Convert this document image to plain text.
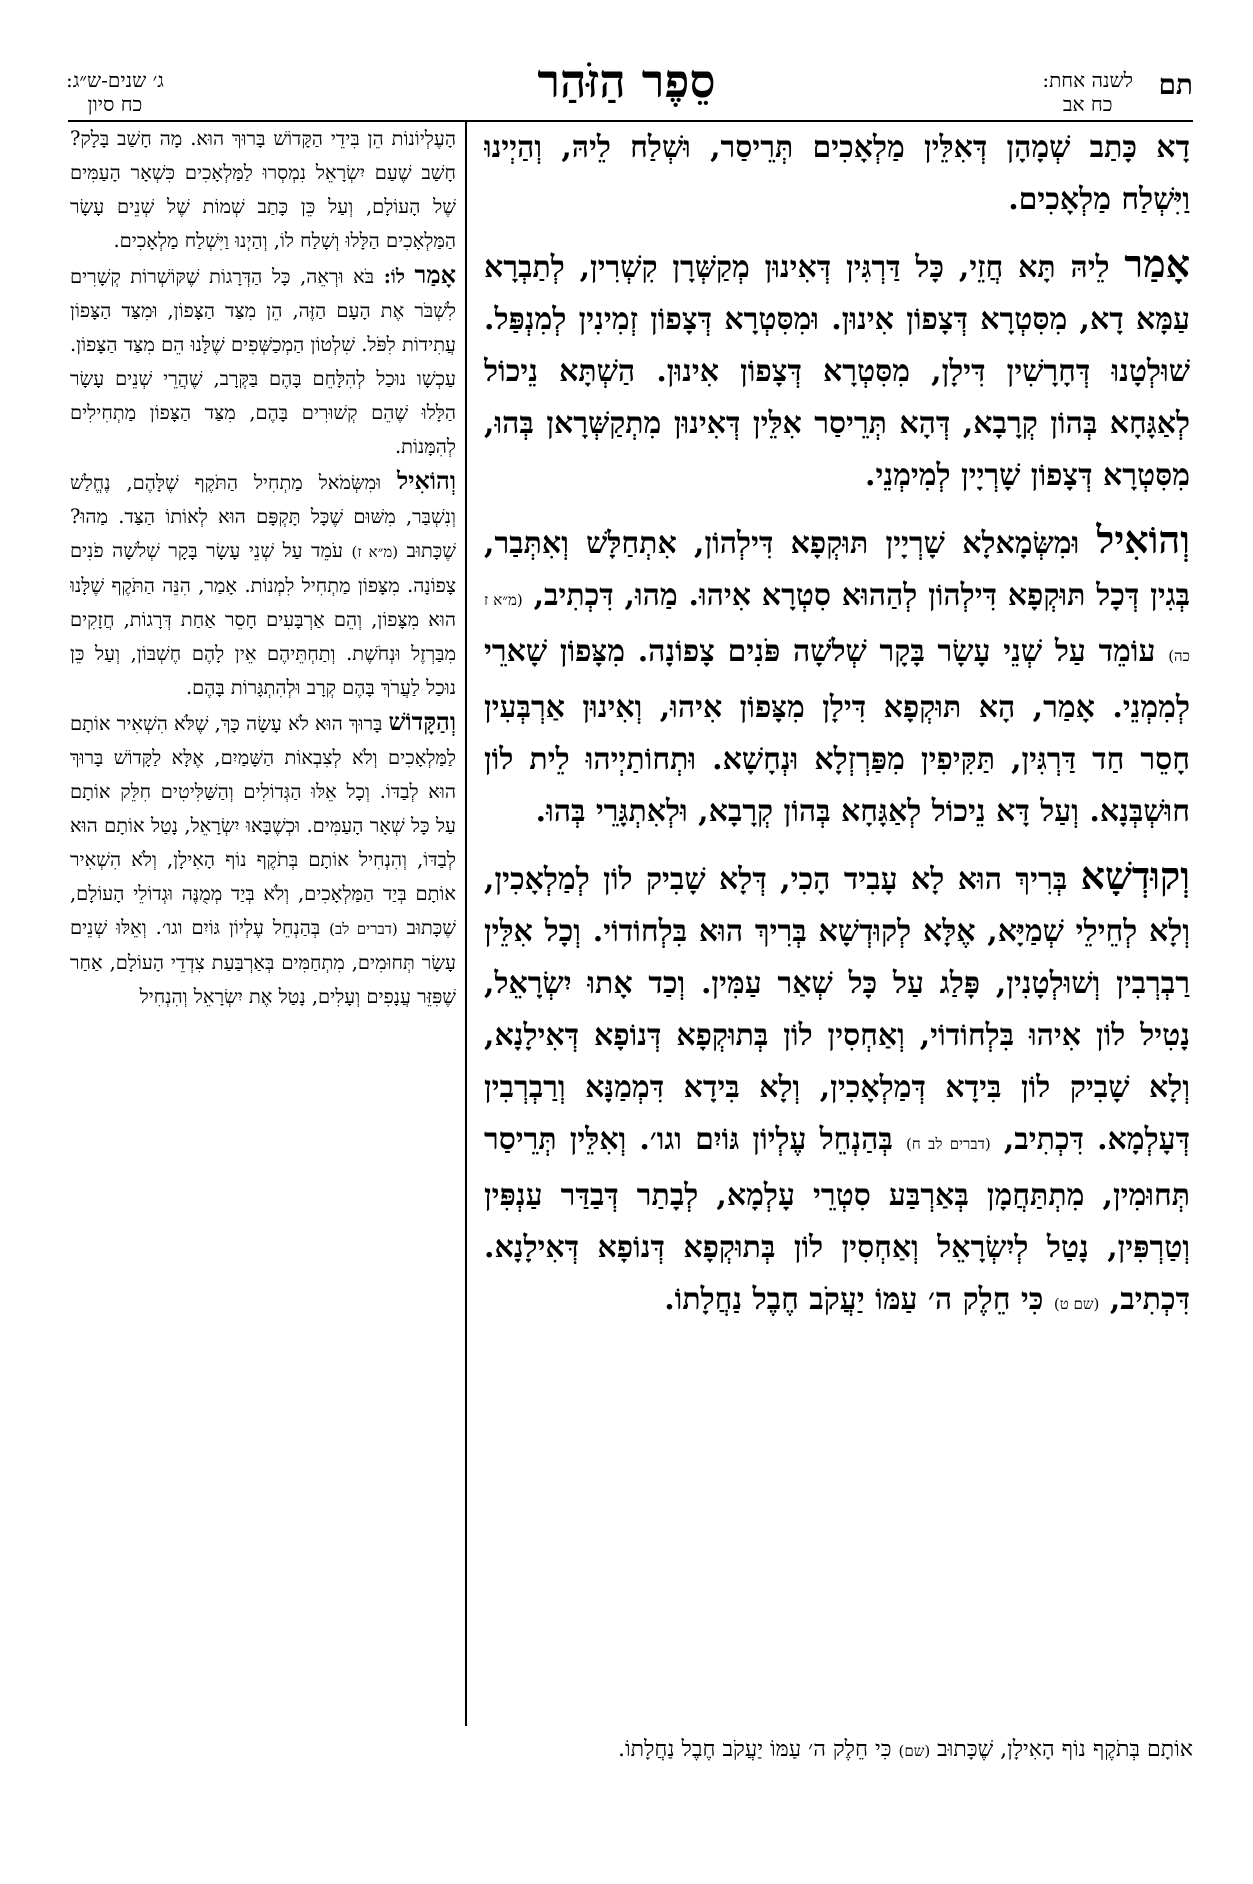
תם
לשנה אחת:
כח אב
סֵפֶר הַזֹּהַר
ג׳ שנים-ש״ג:
כח סיון

דָא כָּתַב שְׁמָהָן דְּאִלֵּין מַלְאָכִים תְּרֵיסַר, וּשְׁלַח לֵיהּ, וְהַיְינוּ וַיִּשְׁלַח מַלְאָכִים.

אָמַר לֵיהּ תָּא חֲזֵי, כָּל דַּרְגִּין דְּאִינוּן מְקַשְּׁרָן קִשְׁרִין, לְתַבְרָא עַמָּא דָא, מִסִּטְרָא דְּצָפוֹן אִינוּן. וּמִסִּטְרָא דְּצָפוֹן זְמִינִין לְמִנְפַּל. שׁוּלְטָנוּ דְּחָרָשִׁין דִּילָן, מִסִּטְרָא דְּצָפוֹן אִינוּן. הַשְׁתָּא נֵיכוֹל לְאַגָּחָא בְּהוֹן קְרָבָא, דְּהָא תְּרֵיסַר אִלֵּין דְּאִינוּן מִתְקַשְּׁרָאן בְּהוּ, מִסִּטְרָא דְּצָפוֹן שָׁרְיָין לְמִימְנֵי.

וְהוֹאִיל וּמִשְּׂמָאלָא שָׁרְיָין תּוּקְפָא דִּילְהוֹן, אִתְחַלָּשׁ וְאִתְּבַר, בְּגִין דְּכָל תּוּקְפָא דִּילְהוֹן לְהַהוּא סִטְרָא אִיהוּ. מַהוּ, דִּכְתִיב, (מ״א ז כה) עוֹמֵד עַל שְׁנֵי עָשָׂר בָּקָר שְׁלשָׁה פֹּנִים צָפוֹנָה. מִצָּפוֹן שָׁארֵי לְמִמְנֵי. אָמַר, הָא תּוּקְפָא דִּילָן מִצָּפוֹן אִיהוּ, וְאִינוּן אַרְבְּעִין חָסֵר חַד דַּרְגִּין, תַּקִּיפִין מִפַּרְזְלָא וּנְחָשָׁא. וּתְחוֹתַיְיהוּ לֵית לוֹן חוּשְׁבְּנָא. וְעַל דָּא נֵיכוֹל לְאַגָּחָא בְּהוֹן קְרָבָא, וּלְאִתְגָּרֵי בְּהוּ.

וְקוּדְשָׁא בְּרִיךְ הוּא לָא עָבִיד הָכִי, דְּלָא שָׁבִיק לוֹן לְמַלְאָכִין, וְלָא לְחֵילֵי שְׁמַיָּא, אֶלָּא לְקוּדְשָׁא בְּרִיךְ הוּא בִּלְחוֹדוֹי. וְכָל אִלֵּין רַבְרְבִין וְשׁוּלְטָנִין, פָּלַג עַל כָּל שְׁאַר עַמִּין. וְכַד אָתוּ יִשְׂרָאֵל, נָטִיל לוֹן אִיהוּ בִּלְחוֹדוֹי, וְאַחְסִין לוֹן בְּתוּקְפָא דְּנוֹפָא דְּאִילָנָא, וְלָא שָׁבִיק לוֹן בִּידָא דְּמַלְאָכִין, וְלָא בִּידָא דִּמְמַנָּא וְרַבְרְבִין דְּעָלְמָא. דִּכְתִיב, (דברים לב ח) בְּהַנְחֵל עֶלְיוֹן גּוֹיִם וגו׳. וְאִלֵּין תְּרֵיסַר תְּחוּמִין, מִתְתַּחֲמָן בְּאַרְבַּע סִטְרֵי עָלְמָא, לְבָתַר דְּבַדַּר עַנְפִּין וְטַרְפִּין, נָטַל לְיִשְׂרָאֵל וְאַחְסִין לוֹן בְּתוּקְפָא דְּנוֹפָא דְּאִילָנָא. דִּכְתִיב, (שם ט) כִּי חֵלֶק ה׳ עַמּוֹ יַעֲקֹב חֶבֶל נַחֲלָתוֹ.

הָעֶלְיוֹנוֹת הֵן בִּידֵי הַקָּדוֹשׁ בָּרוּךְ הוּא. מָה חָשַׁב בָּלָק? חָשַׁב שֶׁעַם יִשְׂרָאֵל נִמְסְרוּ לַמַּלְאָכִים כִּשְׁאָר הָעַמִּים שֶׁל הָעוֹלָם, וְעַל כֵּן כָּתַב שְׁמוֹת שֶׁל שְׁנֵים עָשָׂר הַמַּלְאָכִים הַלָּלוּ וְשָׁלַח לוֹ, וְהַיְנוּ וַיִּשְׁלַח מַלְאָכִים.

אָמַר לוֹ: בֹּא וּרְאֵה, כָּל הַדְּרָגוֹת שֶׁקּוֹשְׁרוֹת קְשָׁרִים לִשְׁבֹּר אֶת הָעָם הַזֶּה, הֵן מִצַּד הַצָּפוֹן, וּמִצַּד הַצָּפוֹן עֲתִידוֹת לִפֹּל. שִׁלְטוֹן הַמְכַשְּׁפִים שֶׁלָּנוּ הֵם מִצַּד הַצָּפוֹן. עַכְשָׁו נוּכַל לְהִלָּחֵם בָּהֶם בַּקְּרָב, שֶׁהֲרֵי שְׁנֵים עָשָׂר הַלָּלוּ שֶׁהֵם קְשׁוּרִים בָּהֶם, מִצַּד הַצָּפוֹן מַתְחִילִים לְהִמָּנוֹת.

וְהוֹאִיל וּמִשְּׂמֹאל מַתְחִיל הַתֹּקֶף שֶׁלָּהֶם, נֶחֱלַשׁ וְנִשְׁבַּר, מִשּׁוּם שֶׁכָּל תָּקְפָּם הוּא לְאוֹתוֹ הַצַּד. מַהוּ? שֶׁכָּתוּב (מ״א ז) עֹמֵד עַל שְׁנֵי עָשָׂר בָּקָר שְׁלשָׁה פֹנִים צָפוֹנָה. מִצָּפוֹן מַתְחִיל לִמְנוֹת. אָמַר, הִנֵּה הַתֹּקֶף שֶׁלָּנוּ הוּא מִצָּפוֹן, וְהֵם אַרְבָּעִים חָסֵר אַחַת דְּרָגוֹת, חֲזָקִים מִבַּרְזֶל וּנְחֹשֶׁת. וְתַחְתֵּיהֶם אֵין לָהֶם חֶשְׁבּוֹן, וְעַל כֵּן נוּכַל לַעֲרֹךְ בָּהֶם קְרָב וּלְהִתְגָּרוֹת בָּהֶם.

וְהַקָּדוֹשׁ בָּרוּךְ הוּא לֹא עָשָׂה כָּךְ, שֶׁלֹּא הִשְׁאִיר אוֹתָם לַמַּלְאָכִים וְלֹא לְצִבְאוֹת הַשָּׁמַיִם, אֶלָּא לַקָּדוֹשׁ בָּרוּךְ הוּא לְבַדּוֹ. וְכָל אֵלּוּ הַגְּדוֹלִים וְהַשַּׁלִּיטִים חִלֵּק אוֹתָם עַל כָּל שְׁאָר הָעַמִּים. וּכְשֶׁבָּאוּ יִשְׂרָאֵל, נָטַל אוֹתָם הוּא לְבַדּוֹ, וְהִנְחִיל אוֹתָם בְּתֹקֶף נוֹף הָאִילָן, וְלֹא הִשְׁאִיר אוֹתָם בְּיַד הַמַּלְאָכִים, וְלֹא בְּיַד מְמֻנֶּה וּגְדוֹלֵי הָעוֹלָם, שֶׁכָּתוּב (דברים לב) בְּהַנְחֵל עֶלְיוֹן גּוֹיִם וגו׳. וְאֵלּוּ שְׁנֵים עָשָׂר תְּחוּמִים, מִתְחַמִּים בְּאַרְבַּעַת צִדְדֵי הָעוֹלָם, אַחַר שֶׁפִּזֵּר עֲנָפִים וְעָלִים, נָטַל אֶת יִשְׂרָאֵל וְהִנְחִיל

אוֹתָם בְּתֹקֶף נוֹף הָאִילָן, שֶׁכָּתוּב (שם) כִּי חֵלֶק ה׳ עַמּוֹ יַעֲקֹב חֶבֶל נַחֲלָתוֹ.
